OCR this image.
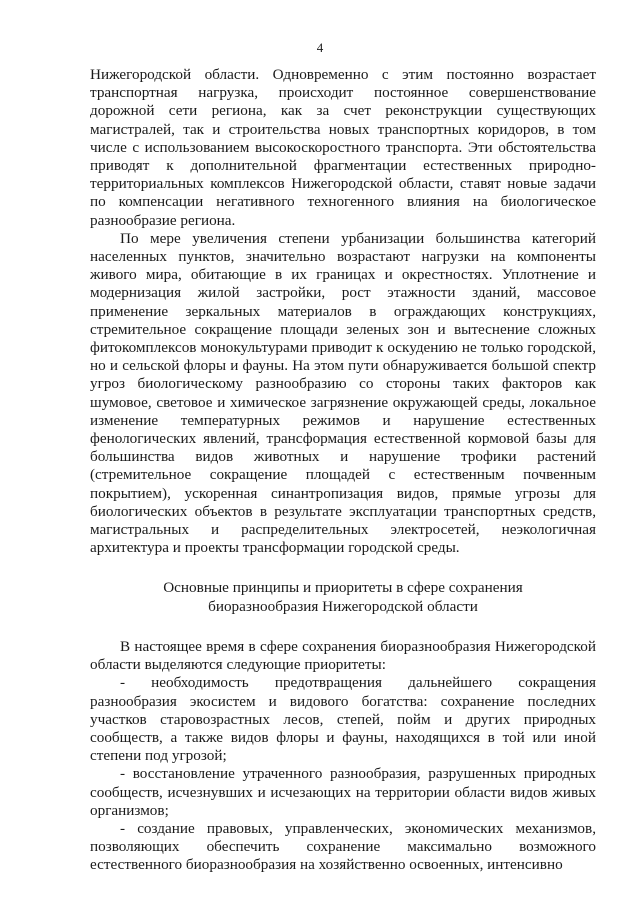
4

Нижегородской области. Одновременно с этим постоянно возрастает транспортная нагрузка, происходит постоянное совершенствование дорожной сети региона, как за счет реконструкции существующих магистралей, так и строительства новых транспортных коридоров, в том числе с использованием высокоскоростного транспорта. Эти обстоятельства приводят к дополнительной фрагментации естественных природно-территориальных комплексов Нижегородской области, ставят новые задачи по компенсации негативного техногенного влияния на биологическое разнообразие региона.

По мере увеличения степени урбанизации большинства категорий населенных пунктов, значительно возрастают нагрузки на компоненты живого мира, обитающие в их границах и окрестностях. Уплотнение и модернизация жилой застройки, рост этажности зданий, массовое применение зеркальных материалов в ограждающих конструкциях, стремительное сокращение площади зеленых зон и вытеснение сложных фитокомплексов монокультурами приводит к оскудению не только городской, но и сельской флоры и фауны. На этом пути обнаруживается большой спектр угроз биологическому разнообразию со стороны таких факторов как шумовое, световое и химическое загрязнение окружающей среды, локальное изменение температурных режимов и нарушение естественных фенологических явлений, трансформация естественной кормовой базы для большинства видов животных и нарушение трофики растений (стремительное сокращение площадей с естественным почвенным покрытием), ускоренная синантропизация видов, прямые угрозы для биологических объектов в результате эксплуатации транспортных средств, магистральных и распределительных электросетей, неэкологичная архитектура и проекты трансформации городской среды.

Основные принципы и приоритеты в сфере сохранения
биоразнообразия Нижегородской области

В настоящее время в сфере сохранения биоразнообразия Нижегородской области выделяются следующие приоритеты:

- необходимость предотвращения дальнейшего сокращения разнообразия экосистем и видового богатства: сохранение последних участков старовозрастных лесов, степей, пойм и других природных сообществ, а также видов флоры и фауны, находящихся в той или иной степени под угрозой;

- восстановление утраченного разнообразия, разрушенных природных сообществ, исчезнувших и исчезающих на территории области видов живых организмов;

- создание правовых, управленческих, экономических механизмов, позволяющих обеспечить сохранение максимально возможного естественного биоразнообразия на хозяйственно освоенных, интенсивно
